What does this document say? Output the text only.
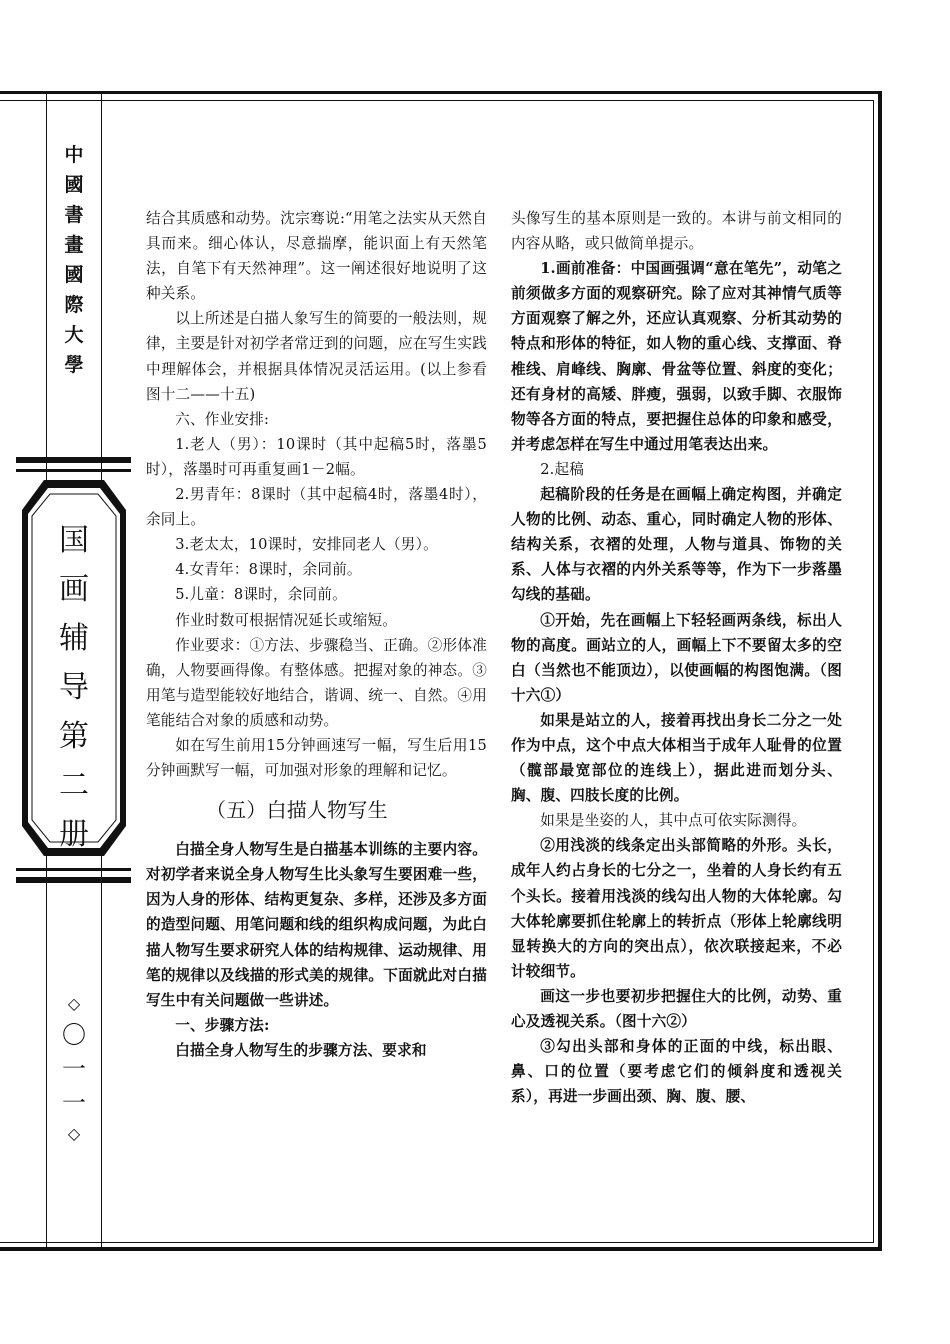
中
國
書
畫
國
際
大
學
国
画
辅
导
第
二
册
◇
〇
一
一
◇

结合其质感和动势。沈宗骞说:“用笔之法实从天然自具而来。细心体认，尽意揣摩，能识面上有天然笔法，自笔下有天然神理”。这一阐述很好地说明了这种关系。

以上所述是白描人象写生的简要的一般法则，规律，主要是针对初学者常迂到的问题，应在写生实践中理解体会，并根据具体情况灵活运用。(以上参看图十二——十五)

六、作业安排:

1.老人（男）：10课时（其中起稿5时，落墨5时），落墨时可再重复画1－2幅。

2.男青年：8课时（其中起稿4时，落墨4时），余同上。

3.老太太，10课时，安排同老人（男）。

4.女青年：8课时，余同前。

5.儿童：8课时，余同前。

作业时数可根据情况延长或缩短。

作业要求：①方法、步骤稳当、正确。②形体准确，人物要画得像。有整体感。把握对象的神态。③用笔与造型能较好地结合，谐调、统一、自然。④用笔能结合对象的质感和动势。

如在写生前用15分钟画速写一幅，写生后用15分钟画默写一幅，可加强对形象的理解和记忆。

（五）白描人物写生

白描全身人物写生是白描基本训练的主要内容。对初学者来说全身人物写生比头象写生要困难一些，因为人身的形体、结构更复杂、多样，还涉及多方面的造型问题、用笔问题和线的组织构成问题，为此白描人物写生要求研究人体的结构规律、运动规律、用笔的规律以及线描的形式美的规律。下面就此对白描写生中有关问题做一些讲述。

一、步骤方法:

白描全身人物写生的步骤方法、要求和

头像写生的基本原则是一致的。本讲与前文相同的内容从略，或只做简单提示。

1.画前准备：中国画强调“意在笔先”，动笔之前须做多方面的观察研究。除了应对其神情气质等方面观察了解之外，还应认真观察、分析其动势的特点和形体的特征，如人物的重心线、支撑面、脊椎线、肩峰线、胸廓、骨盆等位置、斜度的变化；还有身材的高矮、胖瘦，强弱，以致手脚、衣服饰物等各方面的特点，要把握住总体的印象和感受，并考虑怎样在写生中通过用笔表达出来。

2.起稿

起稿阶段的任务是在画幅上确定构图，并确定人物的比例、动态、重心，同时确定人物的形体、结构关系，衣褶的处理，人物与道具、饰物的关系、人体与衣褶的内外关系等等，作为下一步落墨勾线的基础。

①开始，先在画幅上下轻轻画两条线，标出人物的高度。画站立的人，画幅上下不要留太多的空白（当然也不能顶边），以使画幅的构图饱满。（图十六①）

如果是站立的人，接着再找出身长二分之一处作为中点，这个中点大体相当于成年人耻骨的位置（髋部最宽部位的连线上），据此进而划分头、胸、腹、四肢长度的比例。

如果是坐姿的人，其中点可依实际测得。

②用浅淡的线条定出头部简略的外形。头长，成年人约占身长的七分之一，坐着的人身长约有五个头长。接着用浅淡的线勾出人物的大体轮廓。勾大体轮廓要抓住轮廓上的转折点（形体上轮廓线明显转换大的方向的突出点），依次联接起来，不必计较细节。

画这一步也要初步把握住大的比例，动势、重心及透视关系。（图十六②）

③勾出头部和身体的正面的中线，标出眼、鼻、口的位置（要考虑它们的倾斜度和透视关系），再进一步画出颈、胸、腹、腰、
